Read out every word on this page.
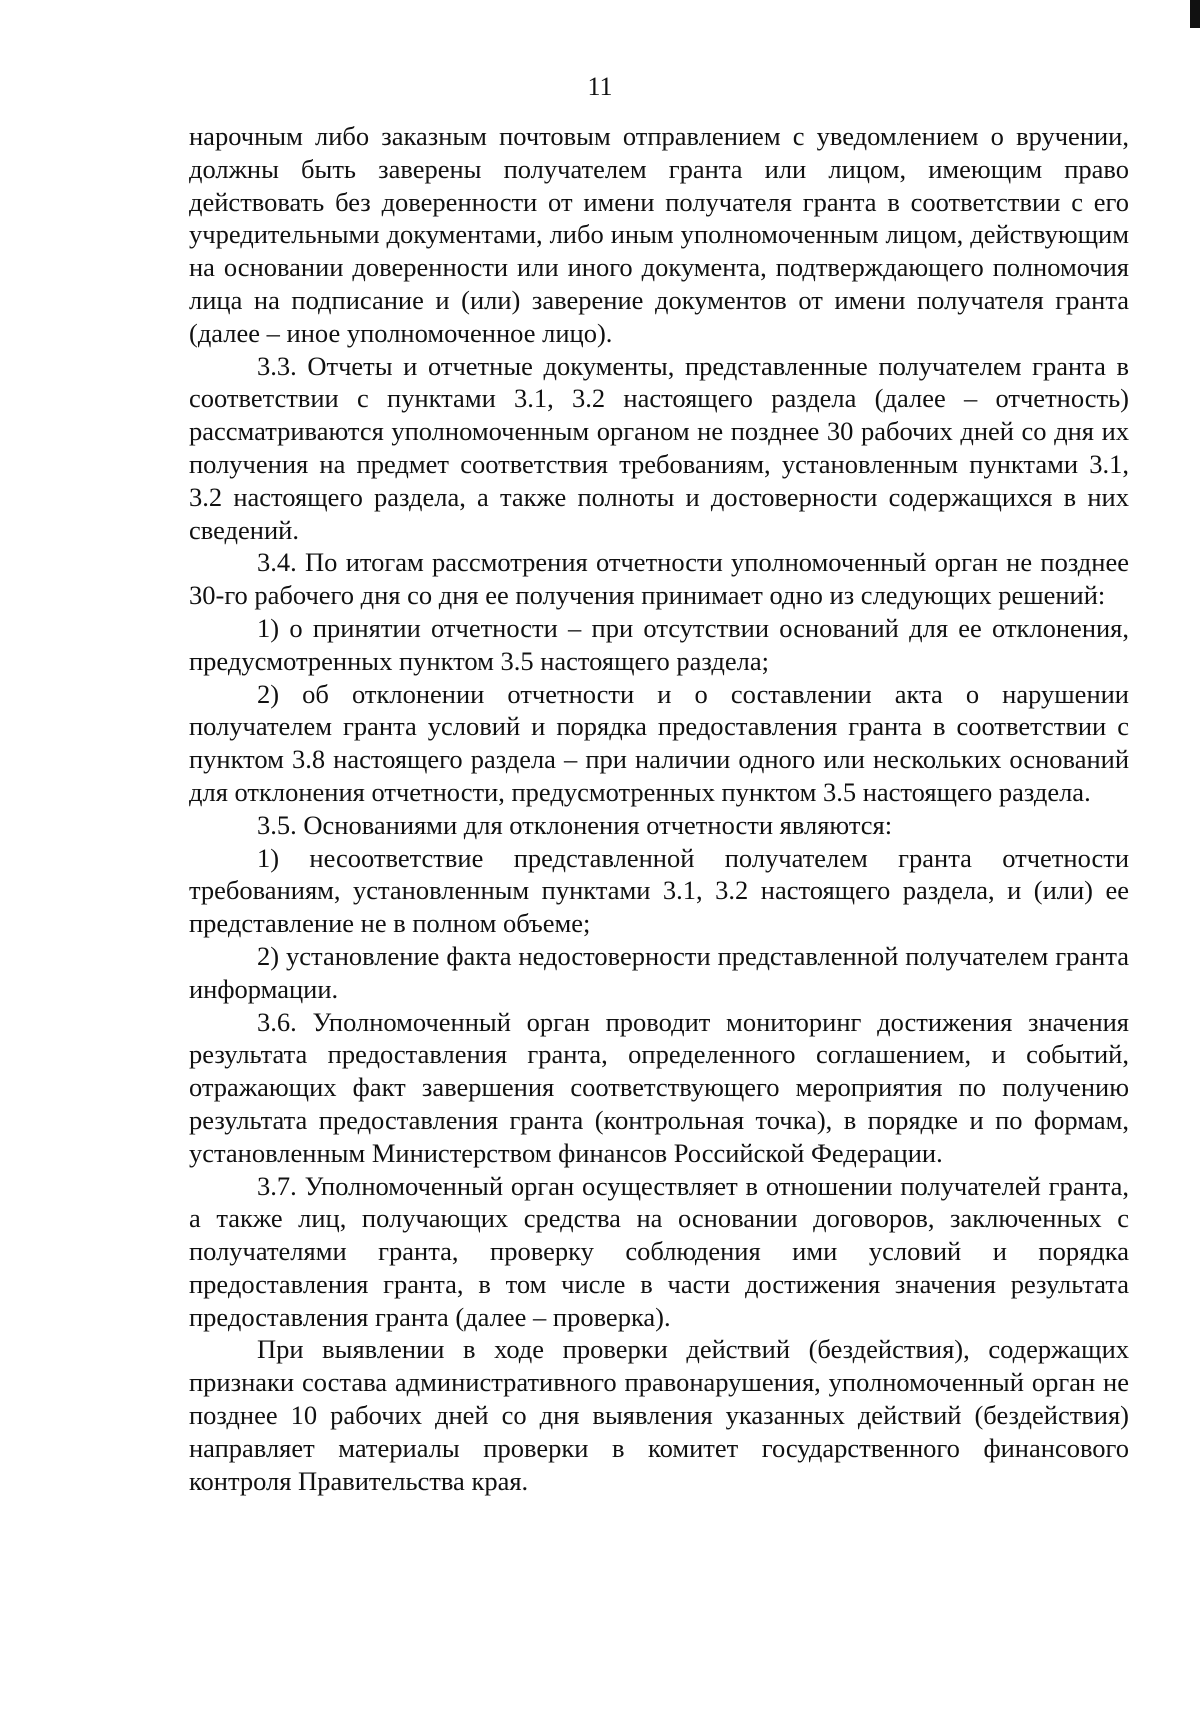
11

нарочным либо заказным почтовым отправлением с уведомлением о вручении, должны быть заверены получателем гранта или лицом, имеющим право действовать без доверенности от имени получателя гранта в соответствии с его учредительными документами, либо иным уполномоченным лицом, действующим на основании доверенности или иного документа, подтверждающего полномочия лица на подписание и (или) заверение документов от имени получателя гранта (далее – иное уполномоченное лицо).

3.3. Отчеты и отчетные документы, представленные получателем гранта в соответствии с пунктами 3.1, 3.2 настоящего раздела (далее – отчетность) рассматриваются уполномоченным органом не позднее 30 рабочих дней со дня их получения на предмет соответствия требованиям, установленным пунктами 3.1, 3.2 настоящего раздела, а также полноты и достоверности содержащихся в них сведений.

3.4. По итогам рассмотрения отчетности уполномоченный орган не позднее 30-го рабочего дня со дня ее получения принимает одно из следующих решений:

1) о принятии отчетности – при отсутствии оснований для ее отклонения, предусмотренных пунктом 3.5 настоящего раздела;

2) об отклонении отчетности и о составлении акта о нарушении получателем гранта условий и порядка предоставления гранта в соответствии с пунктом 3.8 настоящего раздела – при наличии одного или нескольких оснований для отклонения отчетности, предусмотренных пунктом 3.5 настоящего раздела.

3.5. Основаниями для отклонения отчетности являются:

1) несоответствие представленной получателем гранта отчетности требованиям, установленным пунктами 3.1, 3.2 настоящего раздела, и (или) ее представление не в полном объеме;

2) установление факта недостоверности представленной получателем гранта информации.

3.6. Уполномоченный орган проводит мониторинг достижения значения результата предоставления гранта, определенного соглашением, и событий, отражающих факт завершения соответствующего мероприятия по получению результата предоставления гранта (контрольная точка), в порядке и по формам, установленным Министерством финансов Российской Федерации.

3.7. Уполномоченный орган осуществляет в отношении получателей гранта, а также лиц, получающих средства на основании договоров, заключенных с получателями гранта, проверку соблюдения ими условий и порядка предоставления гранта, в том числе в части достижения значения результата предоставления гранта (далее – проверка).

При выявлении в ходе проверки действий (бездействия), содержащих признаки состава административного правонарушения, уполномоченный орган не позднее 10 рабочих дней со дня выявления указанных действий (бездействия) направляет материалы проверки в комитет государственного финансового контроля Правительства края.
